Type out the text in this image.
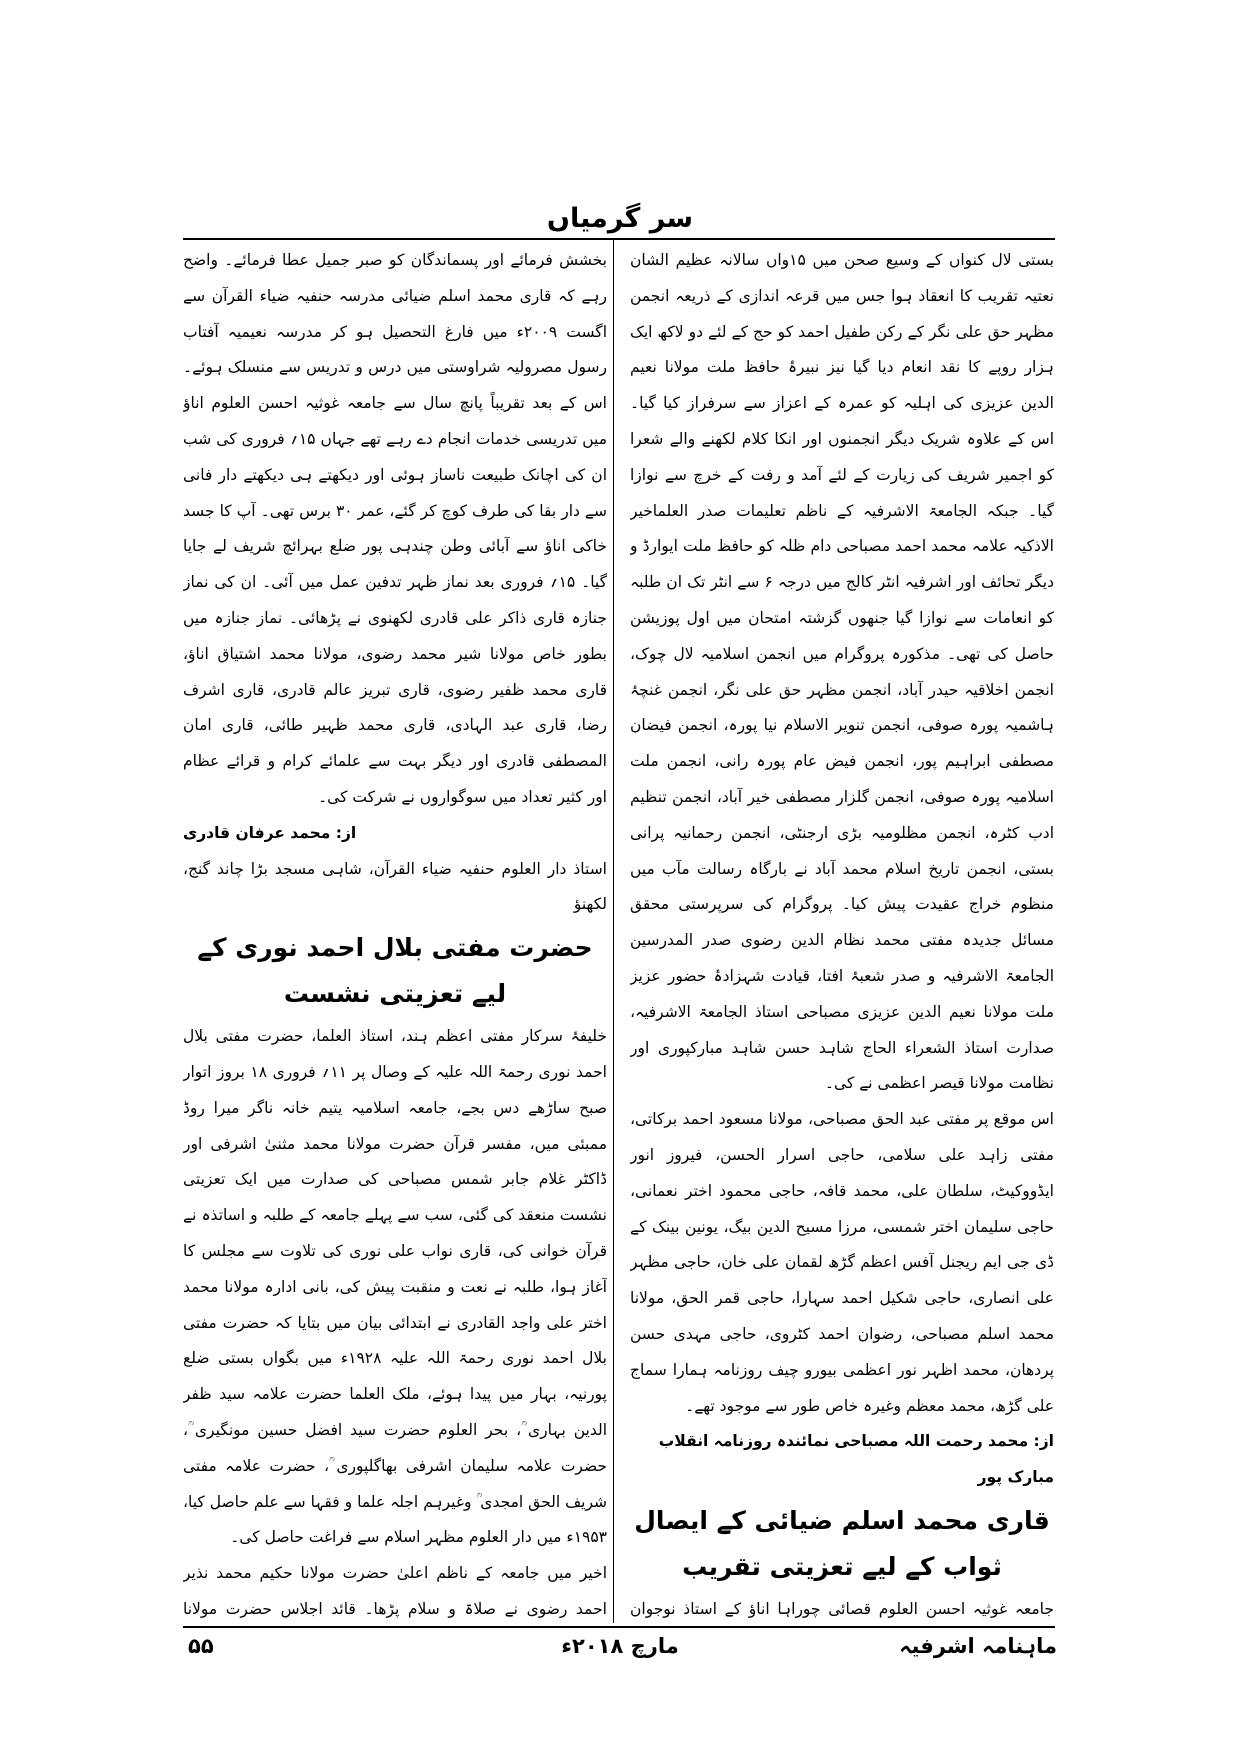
سر گرمیاں

بستی لال کنواں کے وسیع صحن میں ۱۵واں سالانہ عظیم الشان نعتیہ تقریب کا انعقاد ہوا جس میں قرعہ اندازی کے ذریعہ انجمن مظہر حق علی نگر کے رکن طفیل احمد کو حج کے لئے دو لاکھ ایک ہزار روپے کا نقد انعام دیا گیا نیز نبیرۂ حافظ ملت مولانا نعیم الدین عزیزی کی اہلیہ کو عمرہ کے اعزاز سے سرفراز کیا گیا۔ اس کے علاوہ شریک دیگر انجمنوں اور انکا کلام لکھنے والے شعرا کو اجمیر شریف کی زیارت کے لئے آمد و رفت کے خرچ سے نوازا گیا۔ جبکہ الجامعۃ الاشرفیہ کے ناظم تعلیمات صدر العلماخیر الاذکیہ علامہ محمد احمد مصباحی دام ظلہ کو حافظ ملت ایوارڈ و دیگر تحائف اور اشرفیہ انٹر کالج میں درجہ ۶ سے انٹر تک ان طلبہ کو انعامات سے نوازا گیا جنھوں گزشتہ امتحان میں اول پوزیشن حاصل کی تھی۔ مذکورہ پروگرام میں انجمن اسلامیہ لال چوک، انجمن اخلاقیہ حیدر آباد، انجمن مظہر حق علی نگر، انجمن غنچۂ ہاشمیہ پورہ صوفی، انجمن تنویر الاسلام نیا پورہ، انجمن فیضان مصطفی ابراہیم پور، انجمن فیض عام پورہ رانی، انجمن ملت اسلامیہ پورہ صوفی، انجمن گلزار مصطفی خیر آباد، انجمن تنظیم ادب کٹرہ، انجمن مظلومیہ بڑی ارجنٹی، انجمن رحمانیہ پرانی بستی، انجمن تاریخ اسلام محمد آباد نے بارگاہ رسالت مآب میں منظوم خراج عقیدت پیش کیا۔ پروگرام کی سرپرستی محقق مسائل جدیدہ مفتی محمد نظام الدین رضوی صدر المدرسین الجامعۃ الاشرفیہ و صدر شعبۂ افتا، قیادت شہزادۂ حضور عزیز ملت مولانا نعیم الدین عزیزی مصباحی استاذ الجامعۃ الاشرفیہ، صدارت استاذ الشعراء الحاج شاہد حسن شاہد مبارکپوری اور نظامت مولانا قیصر اعظمی نے کی۔

اس موقع پر مفتی عبد الحق مصباحی، مولانا مسعود احمد برکاتی، مفتی زاہد علی سلامی، حاجی اسرار الحسن، فیروز انور ایڈووکیٹ، سلطان علی، محمد قافہ، حاجی محمود اختر نعمانی، حاجی سلیمان اختر شمسی، مرزا مسیح الدین بیگ، یونین بینک کے ڈی جی ایم ریجنل آفس اعظم گڑھ لقمان علی خان، حاجی مظہر علی انصاری، حاجی شکیل احمد سہارا، حاجی قمر الحق، مولانا محمد اسلم مصباحی، رضوان احمد کٹروی، حاجی مہدی حسن پردھان، محمد اظہر نور اعظمی بیورو چیف روزنامہ ہمارا سماج علی گڑھ، محمد معظم وغیرہ خاص طور سے موجود تھے۔

از: محمد رحمت اللہ مصباحی نمائندہ روزنامہ انقلاب مبارک پور

قاری محمد اسلم ضیائی کے ایصال ثواب کے لیے تعزیتی تقریب

جامعہ غوثیہ احسن العلوم قصائی چوراہا اناؤ کے استاذ نوجوان

بخشش فرمائے اور پسماندگان کو صبر جمیل عطا فرمائے۔ واضح رہے کہ قاری محمد اسلم ضیائی مدرسہ حنفیہ ضیاء القرآن سے اگست ۲۰۰۹ء میں فارغ التحصیل ہو کر مدرسہ نعیمیہ آفتاب رسول مصرولیہ شراوستی میں درس و تدریس سے منسلک ہوئے۔ اس کے بعد تقریباً پانچ سال سے جامعہ غوثیہ احسن العلوم اناؤ میں تدریسی خدمات انجام دے رہے تھے جہاں ۱۵؍ فروری کی شب ان کی اچانک طبیعت ناساز ہوئی اور دیکھتے ہی دیکھتے دار فانی سے دار بقا کی طرف کوچ کر گئے، عمر ۳۰ برس تھی۔ آپ کا جسد خاکی اناؤ سے آبائی وطن چندہی پور ضلع بہرائچ شریف لے جایا گیا۔ ۱۵؍ فروری بعد نماز ظہر تدفین عمل میں آئی۔ ان کی نماز جنازہ قاری ذاکر علی قادری لکھنوی نے پڑھائی۔ نماز جنازہ میں بطور خاص مولانا شیر محمد رضوی، مولانا محمد اشتیاق اناؤ، قاری محمد ظفیر رضوی، قاری تبریز عالم قادری، قاری اشرف رضا، قاری عبد الہادی، قاری محمد ظہیر طائی، قاری امان المصطفی قادری اور دیگر بہت سے علمائے کرام و قرائے عظام اور کثیر تعداد میں سوگواروں نے شرکت کی۔

از: محمد عرفان قادری

استاذ دار العلوم حنفیہ ضیاء القرآن، شاہی مسجد بڑا چاند گنج، لکھنؤ

حضرت مفتی بلال احمد نوری کے لیے تعزیتی نشست

خلیفۂ سرکار مفتی اعظم ہند، استاذ العلما، حضرت مفتی بلال احمد نوری رحمۃ اللہ علیہ کے وصال پر ۱۱؍ فروری ۱۸ بروز اتوار صبح ساڑھے دس بجے، جامعہ اسلامیہ یتیم خانہ ناگر میرا روڈ ممبئی میں، مفسر قرآن حضرت مولانا محمد مثنیٰ اشرفی اور ڈاکٹر غلام جابر شمس مصباحی کی صدارت میں ایک تعزیتی نشست منعقد کی گئی، سب سے پہلے جامعہ کے طلبہ و اساتذہ نے قرآن خوانی کی، قاری نواب علی نوری کی تلاوت سے مجلس کا آغاز ہوا، طلبہ نے نعت و منقبت پیش کی، بانی ادارہ مولانا محمد اختر علی واجد القادری نے ابتدائی بیان میں بتایا کہ حضرت مفتی بلال احمد نوری رحمۃ اللہ علیہ ۱۹۲۸ء میں بگواں بستی ضلع پورنیہ، بہار میں پیدا ہوئے، ملک العلما حضرت علامہ سید ظفر الدین بہاری ؒ، بحر العلوم حضرت سید افضل حسین مونگیری ؒ، حضرت علامہ سلیمان اشرفی بھاگلپوری ؒ، حضرت علامہ مفتی شریف الحق امجدی ؒ وغیرہم اجلہ علما و فقہا سے علم حاصل کیا، ۱۹۵۳ء میں دار العلوم مظہر اسلام سے فراغت حاصل کی۔

اخیر میں جامعہ کے ناظم اعلیٰ حضرت مولانا حکیم محمد نذیر احمد رضوی نے صلاۃ و سلام پڑھا۔ قائد اجلاس حضرت مولانا

ماہنامہ اشرفیہ
مارچ ۲۰۱۸ء
۵۵
